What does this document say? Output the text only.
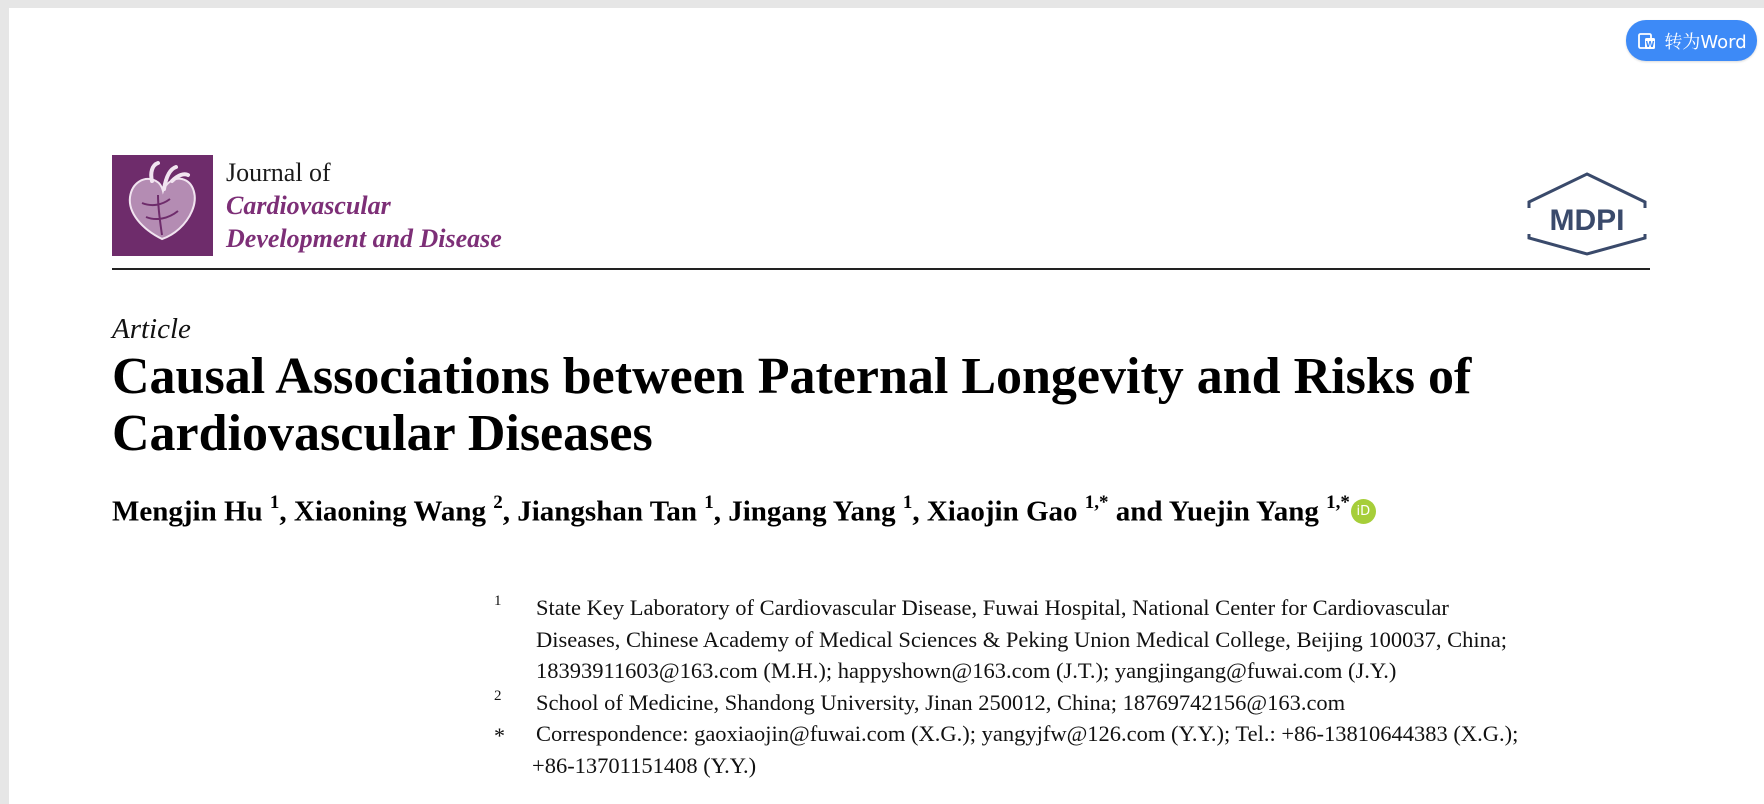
W 转为Word
Journal of
Cardiovascular
Development and Disease
MDPI
Article
Causal Associations between Paternal Longevity and Risks of
Cardiovascular Diseases
Mengjin Hu $^1$, Xiaoning Wang $^2$, Jiangshan Tan $^1$, Jingang Yang $^1$, Xiaojin Gao $^{1,*}$ and Yuejin Yang $^{1,*}$ iD
1 State Key Laboratory of Cardiovascular Disease, Fuwai Hospital, National Center for Cardiovascular
Diseases, Chinese Academy of Medical Sciences & Peking Union Medical College, Beijing 100037, China;
18393911603@163.com (M.H.); happyshown@163.com (J.T.); yangjingang@fuwai.com (J.Y.)
2 School of Medicine, Shandong University, Jinan 250012, China; 18769742156@163.com
* Correspondence: gaoxiaojin@fuwai.com (X.G.); yangyjfw@126.com (Y.Y.); Tel.: +86-13810644383 (X.G.);
+86-13701151408 (Y.Y.)
